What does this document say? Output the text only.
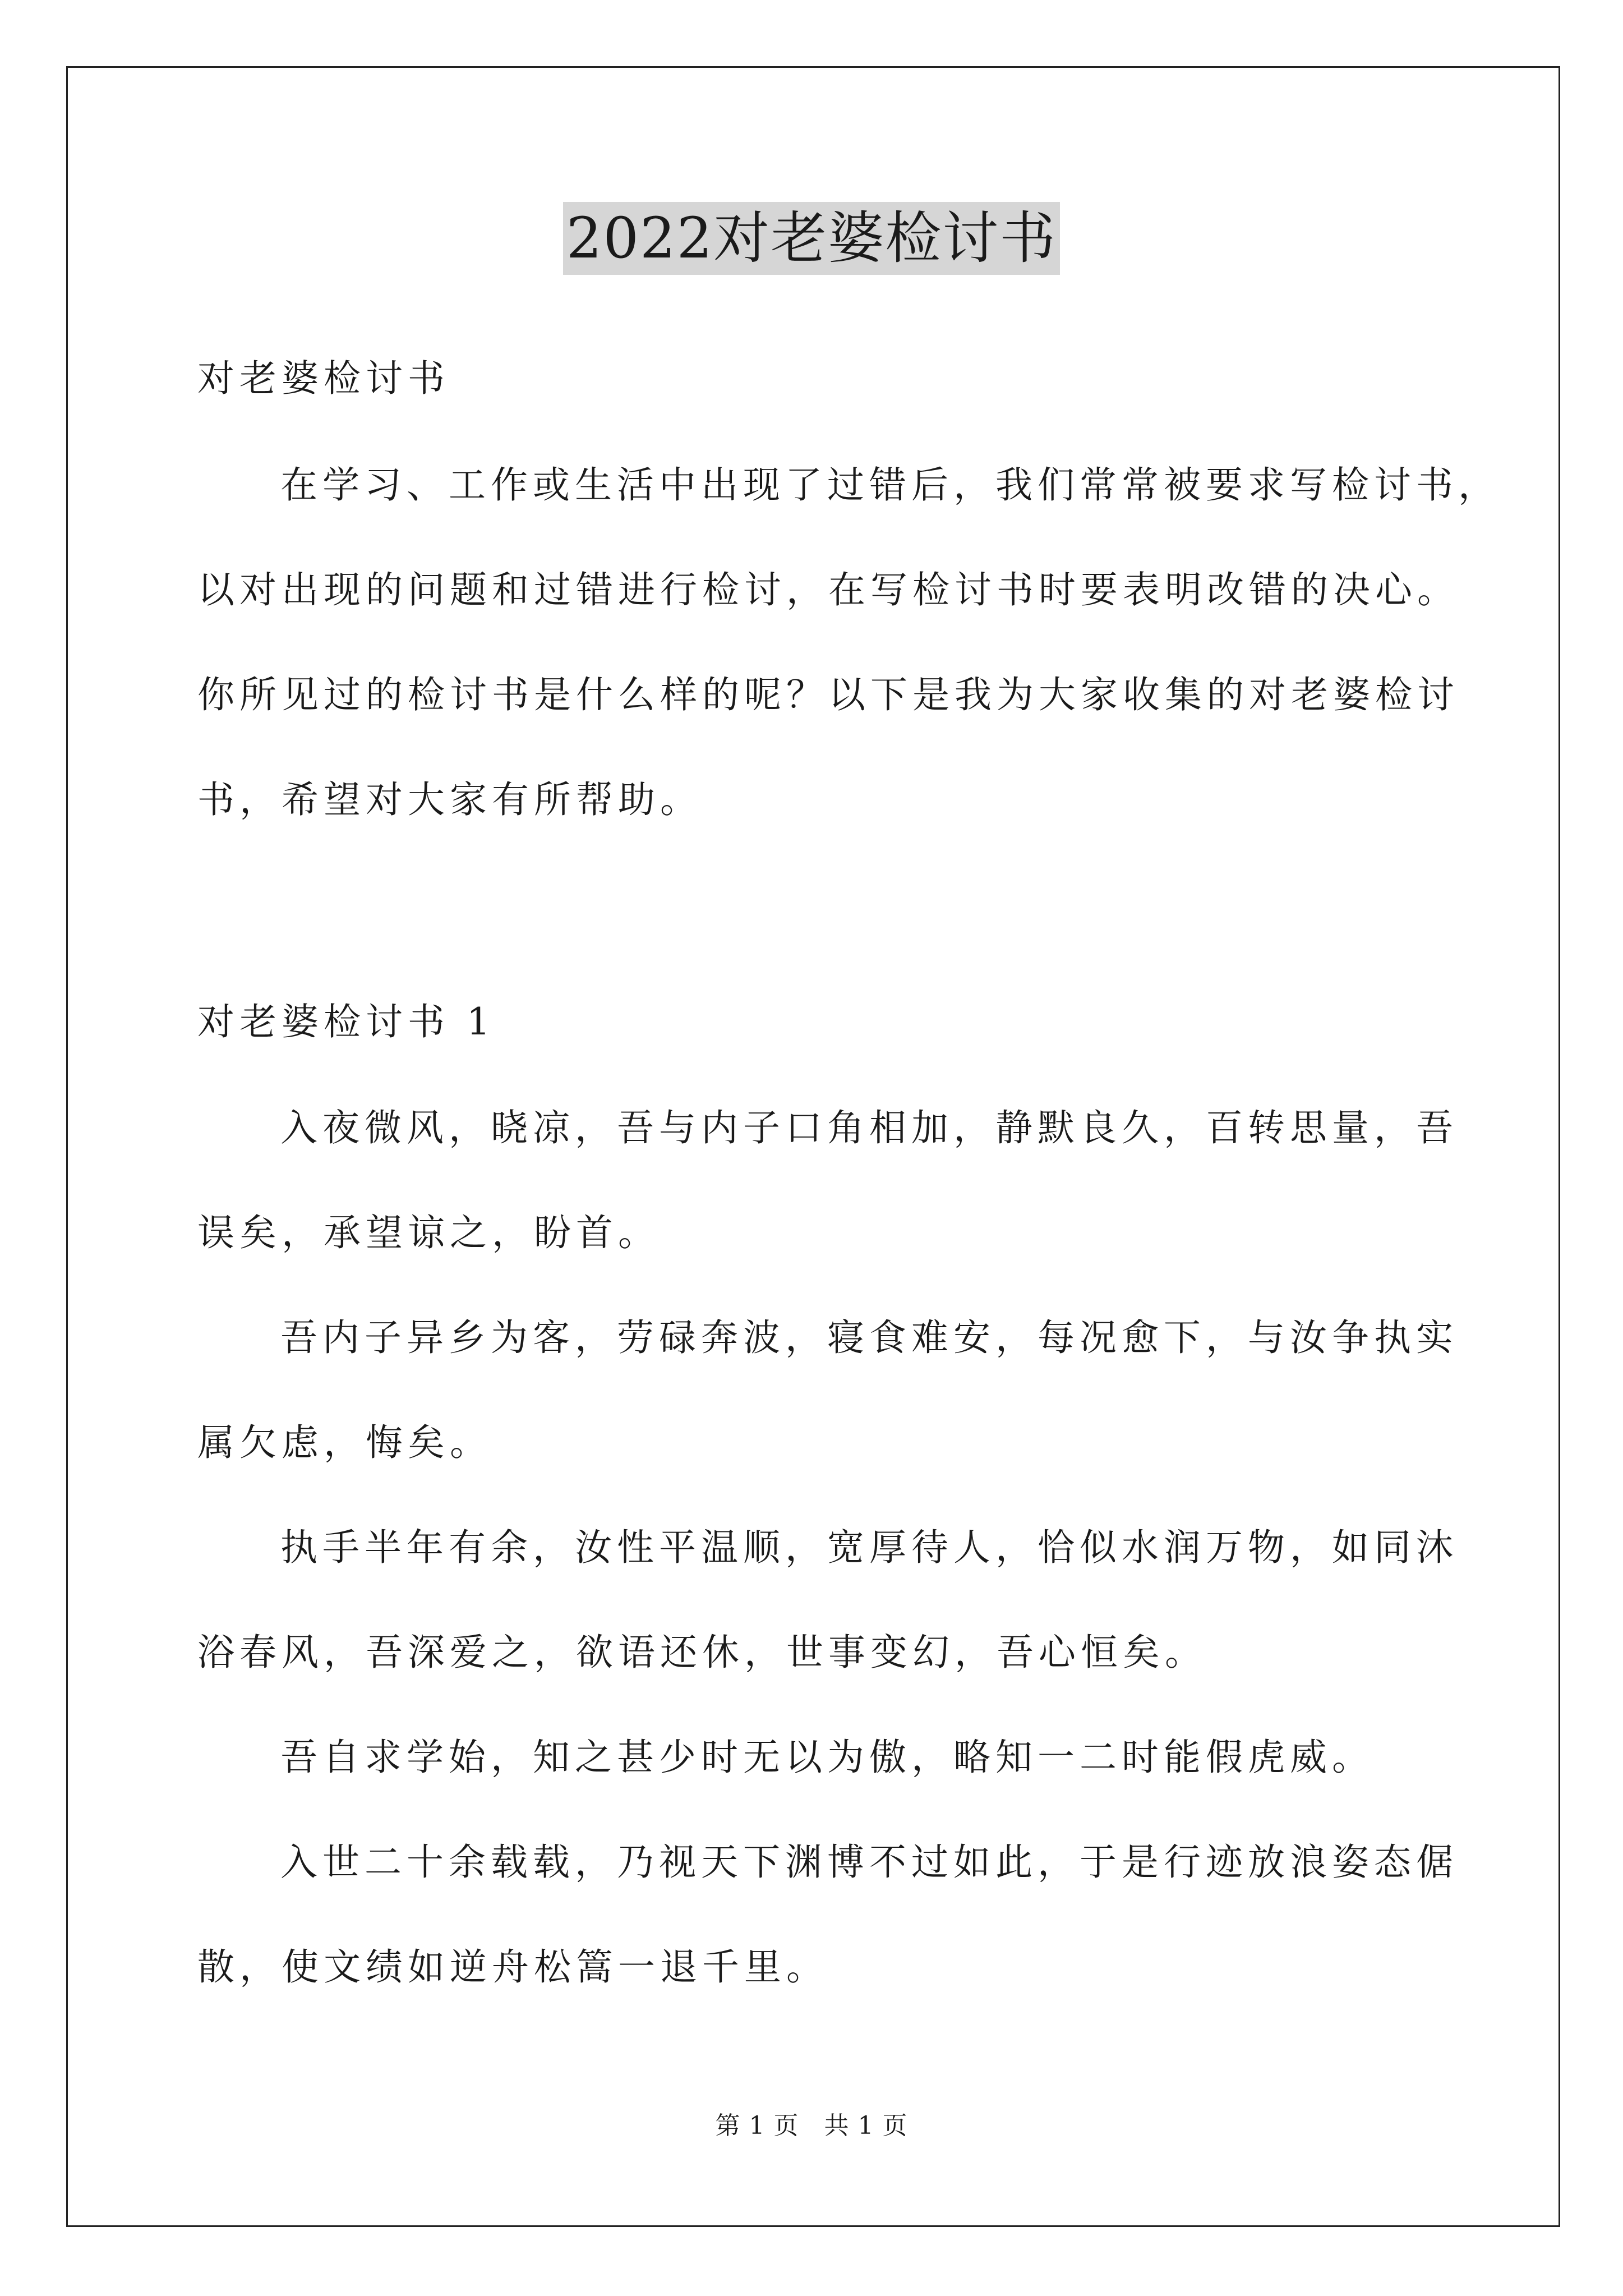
2022对老婆检讨书
对老婆检讨书
在学习、工作或生活中出现了过错后，我们常常被要求写检讨书，
以对出现的问题和过错进行检讨，在写检讨书时要表明改错的决心。
你所见过的检讨书是什么样的呢？以下是我为大家收集的对老婆检讨
书，希望对大家有所帮助。
对老婆检讨书 1
入夜微风，晓凉，吾与内子口角相加，静默良久，百转思量，吾
误矣，承望谅之，盼首。
吾内子异乡为客，劳碌奔波，寝食难安，每况愈下，与汝争执实
属欠虑，悔矣。
执手半年有余，汝性平温顺，宽厚待人，恰似水润万物，如同沐
浴春风，吾深爱之，欲语还休，世事变幻，吾心恒矣。
吾自求学始，知之甚少时无以为傲，略知一二时能假虎威。
入世二十余载载，乃视天下渊博不过如此，于是行迹放浪姿态倨
散，使文绩如逆舟松篙一退千里。
第 1 页　共 1 页
